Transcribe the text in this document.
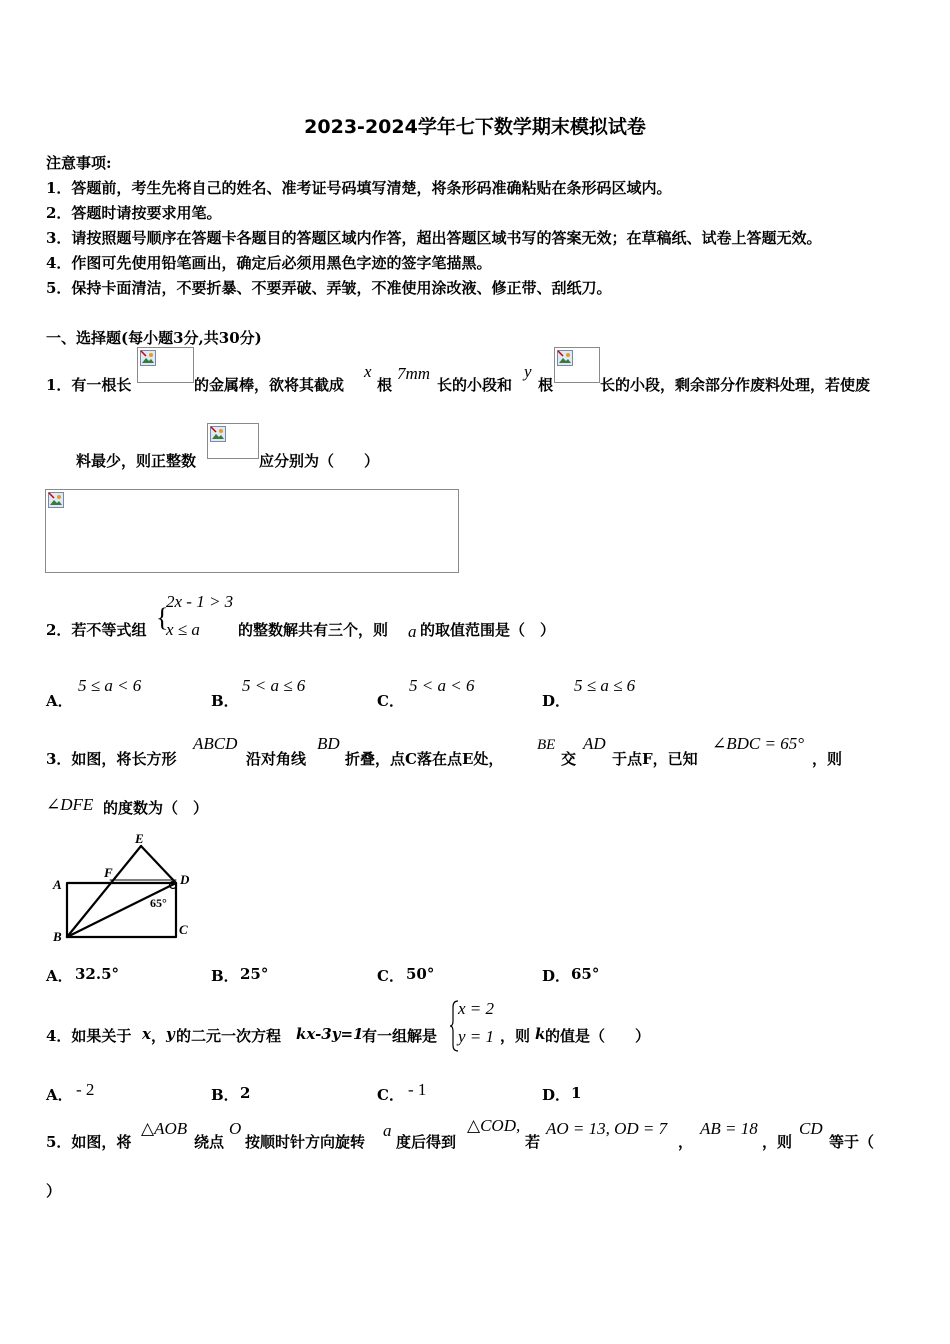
2023-2024学年七下数学期末模拟试卷
注意事项:
1．答题前，考生先将自己的姓名、准考证号码填写清楚，将条形码准确粘贴在条形码区域内。
2．答题时请按要求用笔。
3．请按照题号顺序在答题卡各题目的答题区域内作答，超出答题区域书写的答案无效；在草稿纸、试卷上答题无效。
4．作图可先使用铅笔画出，确定后必须用黑色字迹的签字笔描黑。
5．保持卡面清洁，不要折暴、不要弄破、弄皱，不准使用涂改液、修正带、刮纸刀。
一、选择题(每小题3分,共30分)
1．有一根长	的金属棒，欲将其截成
x
根
7mm
长的小段和
y
根	长的小段，剩余部分作废料处理，若使废
料最少，则正整数	应分别为（　　）
2．若不等式组 {
2x - 1 > 3
x ≤ a	的整数解共有三个，则 a 的取值范围是（　）
A．
5 ≤ a < 6
B．
5 < a ≤ 6
C．
5 < a < 6
D．
5 ≤ a ≤ 6
3．如图，将长方形
ABCD
沿对角线
BD
折叠，点C落在点E处，
BE
交
AD
于点F，已知
∠BDC = 65°
，则
∠DFE 的度数为（　）
A
B	C
D
E
F
65°
A． 32.5°	B． 25°	C． 50°	D． 65°
4．如果关于 x ， y 的二元一次方程 kx-3y=1
有一组解是
x = 2
y = 1 ，则 k 的值是（　　）
A． - 2	B． 2	C． - 1	D． 1
5．如图，将
△AOB
绕点
O
按顺时针方向旋转
a
度后得到
△COD,
若
AO = 13, OD = 7
，
AB = 18
，则
CD
等于（
）
